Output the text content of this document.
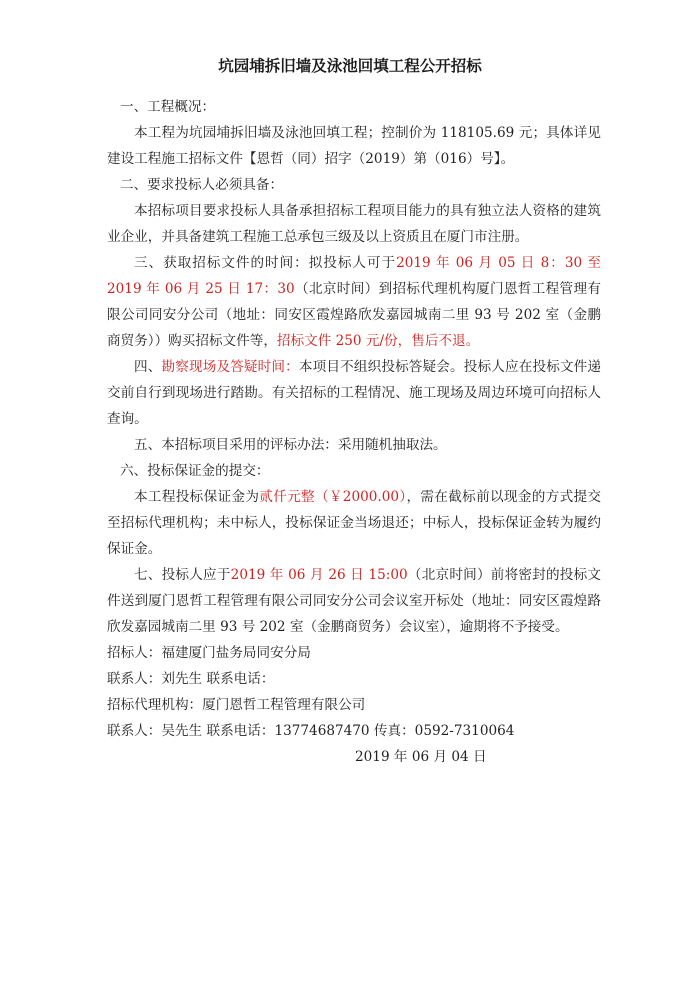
坑园埔拆旧墙及泳池回填工程公开招标

一、工程概况：

本工程为坑园埔拆旧墙及泳池回填工程；控制价为 118105.69 元；具体详见建设工程施工招标文件【恩哲（同）招字（2019）第（016）号】。

二、要求投标人必须具备：

本招标项目要求投标人具备承担招标工程项目能力的具有独立法人资格的建筑业企业，并具备建筑工程施工总承包三级及以上资质且在厦门市注册。

三、获取招标文件的时间：拟投标人可于2019 年 06 月 05 日 8：30 至 2019 年 06 月 25 日 17：30（北京时间）到招标代理机构厦门恩哲工程管理有限公司同安分公司（地址：同安区霞煌路欣发嘉园城南二里 93 号 202 室（金鹏商贸务））购买招标文件等，招标文件 250 元/份，售后不退。

四、勘察现场及答疑时间：本项目不组织投标答疑会。投标人应在投标文件递交前自行到现场进行踏勘。有关招标的工程情况、施工现场及周边环境可向招标人查询。

五、本招标项目采用的评标办法：采用随机抽取法。

六、投标保证金的提交：

本工程投标保证金为贰仟元整（￥2000.00），需在截标前以现金的方式提交至招标代理机构；未中标人，投标保证金当场退还；中标人，投标保证金转为履约保证金。

七、投标人应于2019 年 06 月 26 日 15:00（北京时间）前将密封的投标文件送到厦门恩哲工程管理有限公司同安分公司会议室开标处（地址：同安区霞煌路欣发嘉园城南二里 93 号 202 室（金鹏商贸务）会议室），逾期将不予接受。

招标人：福建厦门盐务局同安分局

联系人：刘先生 联系电话：

招标代理机构：厦门恩哲工程管理有限公司

联系人：吴先生 联系电话：13774687470 传真：0592-7310064

2019 年 06 月 04 日
